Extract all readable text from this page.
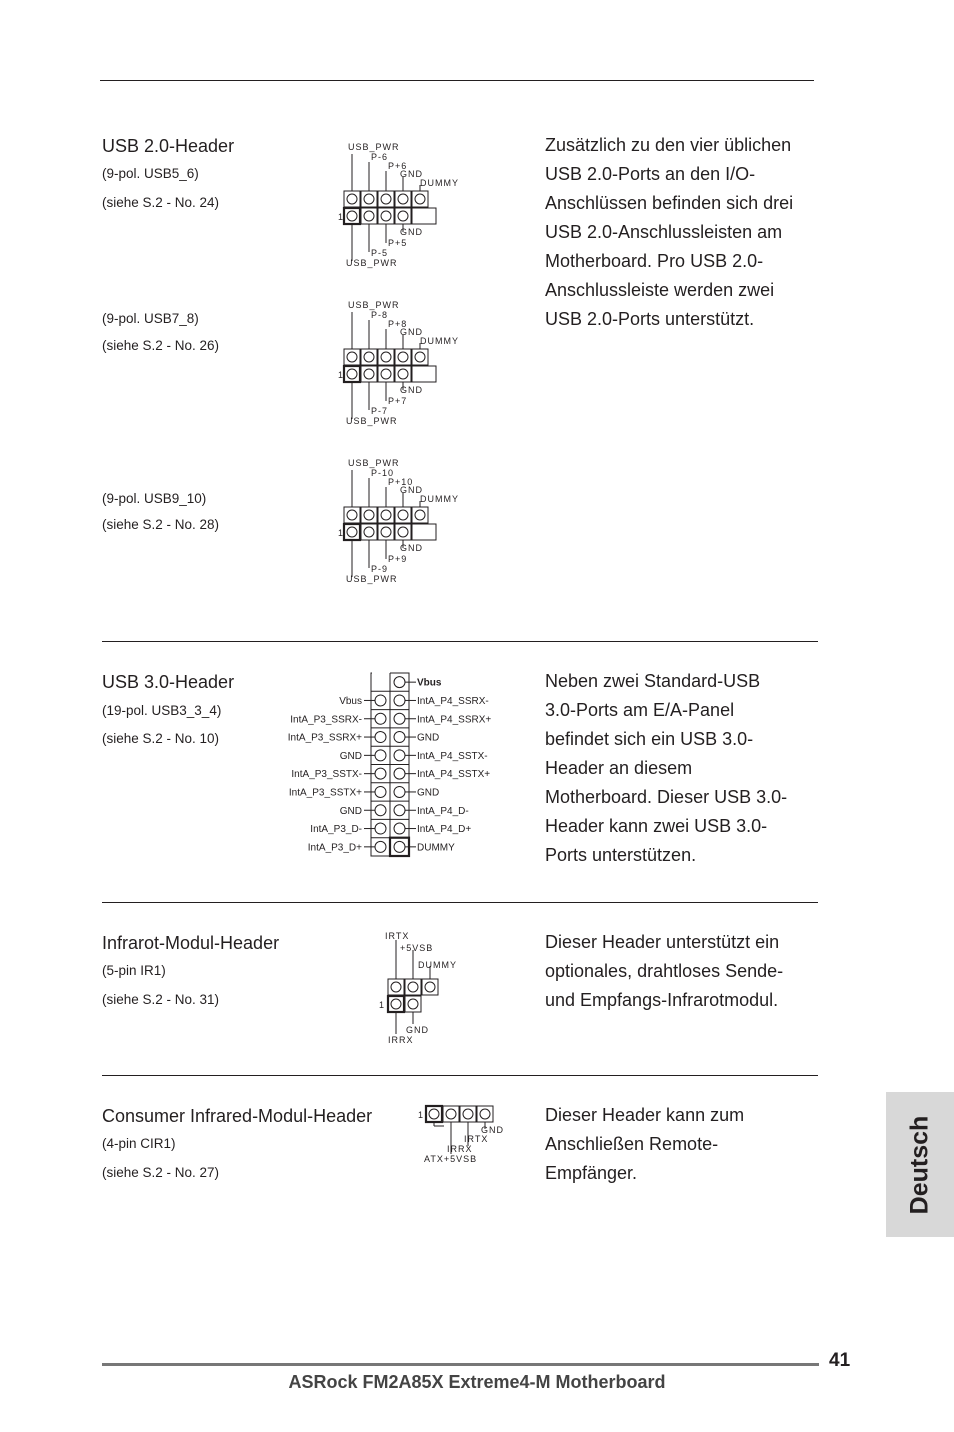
USB 2.0-Header
(9-pol. USB5_6)
(siehe S.2 - No. 24)
(9-pol. USB7_8)
(siehe S.2 - No. 26)
(9-pol. USB9_10)
(siehe S.2 - No. 28)
Zusätzlich zu den vier üblichen
USB 2.0-Ports an den I/O-
Anschlüssen befinden sich drei
USB 2.0-Anschlussleisten am
Motherboard. Pro USB 2.0-
Anschlussleiste werden zwei
USB 2.0-Ports unterstützt.
USB_PWR
P-6
P+6
GND
DUMMY
1
GND
P+5
P-5
USB_PWR
USB_PWR
P-8
P+8
GND
DUMMY
1
GND
P+7
P-7
USB_PWR
USB_PWR
P-10
P+10
GND
DUMMY
1
GND
P+9
P-9
USB_PWR
USB 3.0-Header
(19-pol. USB3_3_4)
(siehe S.2 - No. 10)
Vbus
Vbus	IntA_P4_SSRX-
IntA_P3_SSRX-	IntA_P4_SSRX+
IntA_P3_SSRX+	GND
GND	IntA_P4_SSTX-
IntA_P3_SSTX-	IntA_P4_SSTX+
IntA_P3_SSTX+	GND
GND	IntA_P4_D-
IntA_P3_D-	IntA_P4_D+
IntA_P3_D+	DUMMY
Neben zwei Standard-USB
3.0-Ports am E/A-Panel
befindet sich ein USB 3.0-
Header an diesem
Motherboard. Dieser USB 3.0-
Header kann zwei USB 3.0-
Ports unterstützen.
Infrarot-Modul-Header
(5-pin IR1)
(siehe S.2 - No. 31)
IRTX
+5VSB
DUMMY
1
GND
IRRX
Dieser Header unterstützt ein
optionales, drahtloses Sende-
und Empfangs-Infrarotmodul.
Consumer Infrared-Modul-Header
(4-pin CIR1)
(siehe S.2 - No. 27)
1
GND
IRTX
IRRX
ATX+5VSB
Dieser Header kann zum
Anschließen Remote-
Empfänger.	Deutsch
41
ASRock FM2A85X Extreme4-M Motherboard
